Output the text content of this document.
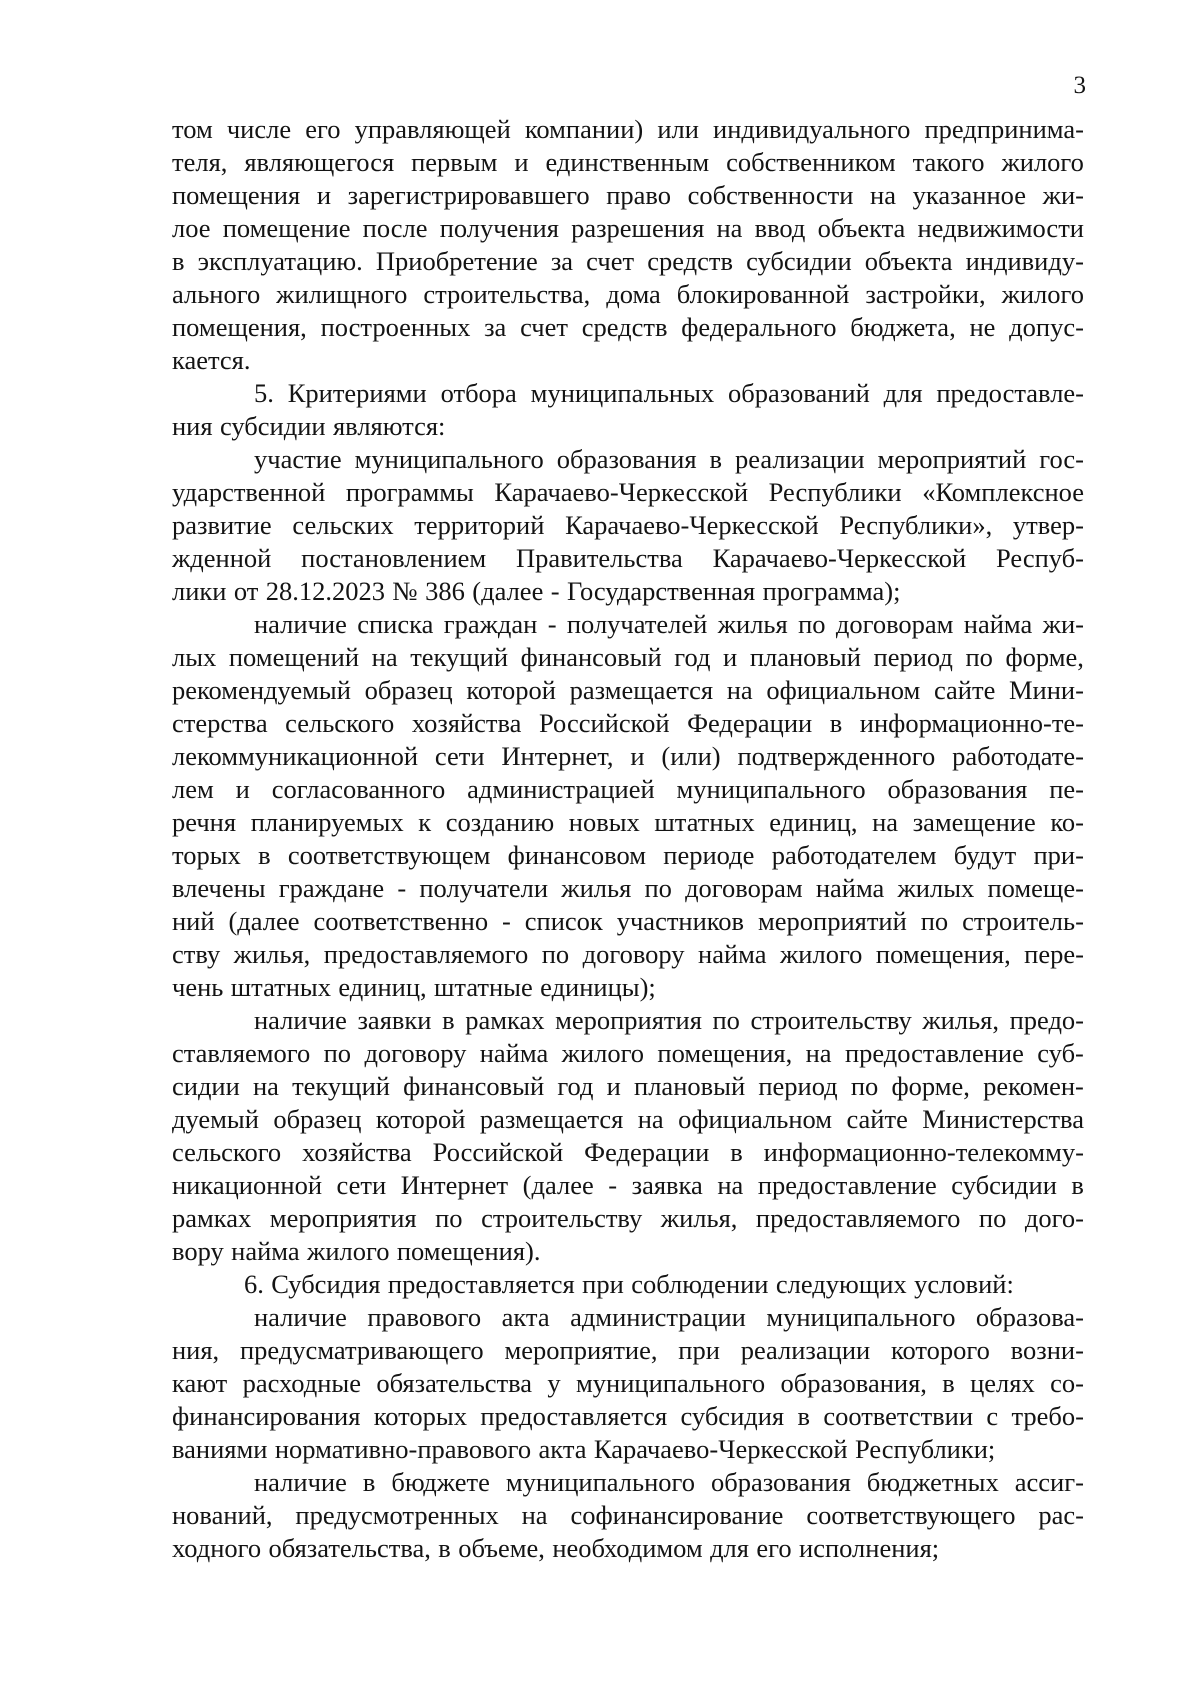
3
том числе его управляющей компании) или индивидуального предпринима-
теля, являющегося первым и единственным собственником такого жилого
помещения и зарегистрировавшего право собственности на указанное жи-
лое помещение после получения разрешения на ввод объекта недвижимости
в эксплуатацию. Приобретение за счет средств субсидии объекта индивиду-
ального жилищного строительства, дома блокированной застройки, жилого
помещения, построенных за счет средств федерального бюджета, не допус-
кается.
5. Критериями отбора муниципальных образований для предоставле-
ния субсидии являются:
участие муниципального образования в реализации мероприятий гос-
ударственной программы Карачаево-Черкесской Республики «Комплексное
развитие сельских территорий Карачаево-Черкесской Республики», утвер-
жденной постановлением Правительства Карачаево-Черкесской Респуб-
лики от 28.12.2023 № 386 (далее - Государственная программа);
наличие списка граждан - получателей жилья по договорам найма жи-
лых помещений на текущий финансовый год и плановый период по форме,
рекомендуемый образец которой размещается на официальном сайте Мини-
стерства сельского хозяйства Российской Федерации в информационно-те-
лекоммуникационной сети Интернет, и (или) подтвержденного работодате-
лем и согласованного администрацией муниципального образования пе-
речня планируемых к созданию новых штатных единиц, на замещение ко-
торых в соответствующем финансовом периоде работодателем будут при-
влечены граждане - получатели жилья по договорам найма жилых помеще-
ний (далее соответственно - список участников мероприятий по строитель-
ству жилья, предоставляемого по договору найма жилого помещения, пере-
чень штатных единиц, штатные единицы);
наличие заявки в рамках мероприятия по строительству жилья, предо-
ставляемого по договору найма жилого помещения, на предоставление суб-
сидии на текущий финансовый год и плановый период по форме, рекомен-
дуемый образец которой размещается на официальном сайте Министерства
сельского хозяйства Российской Федерации в информационно-телекомму-
никационной сети Интернет (далее - заявка на предоставление субсидии в
рамках мероприятия по строительству жилья, предоставляемого по дого-
вору найма жилого помещения).
6. Субсидия предоставляется при соблюдении следующих условий:
наличие правового акта администрации муниципального образова-
ния, предусматривающего мероприятие, при реализации которого возни-
кают расходные обязательства у муниципального образования, в целях со-
финансирования которых предоставляется субсидия в соответствии с требо-
ваниями нормативно-правового акта Карачаево-Черкесской Республики;
наличие в бюджете муниципального образования бюджетных ассиг-
нований, предусмотренных на софинансирование соответствующего рас-
ходного обязательства, в объеме, необходимом для его исполнения;
